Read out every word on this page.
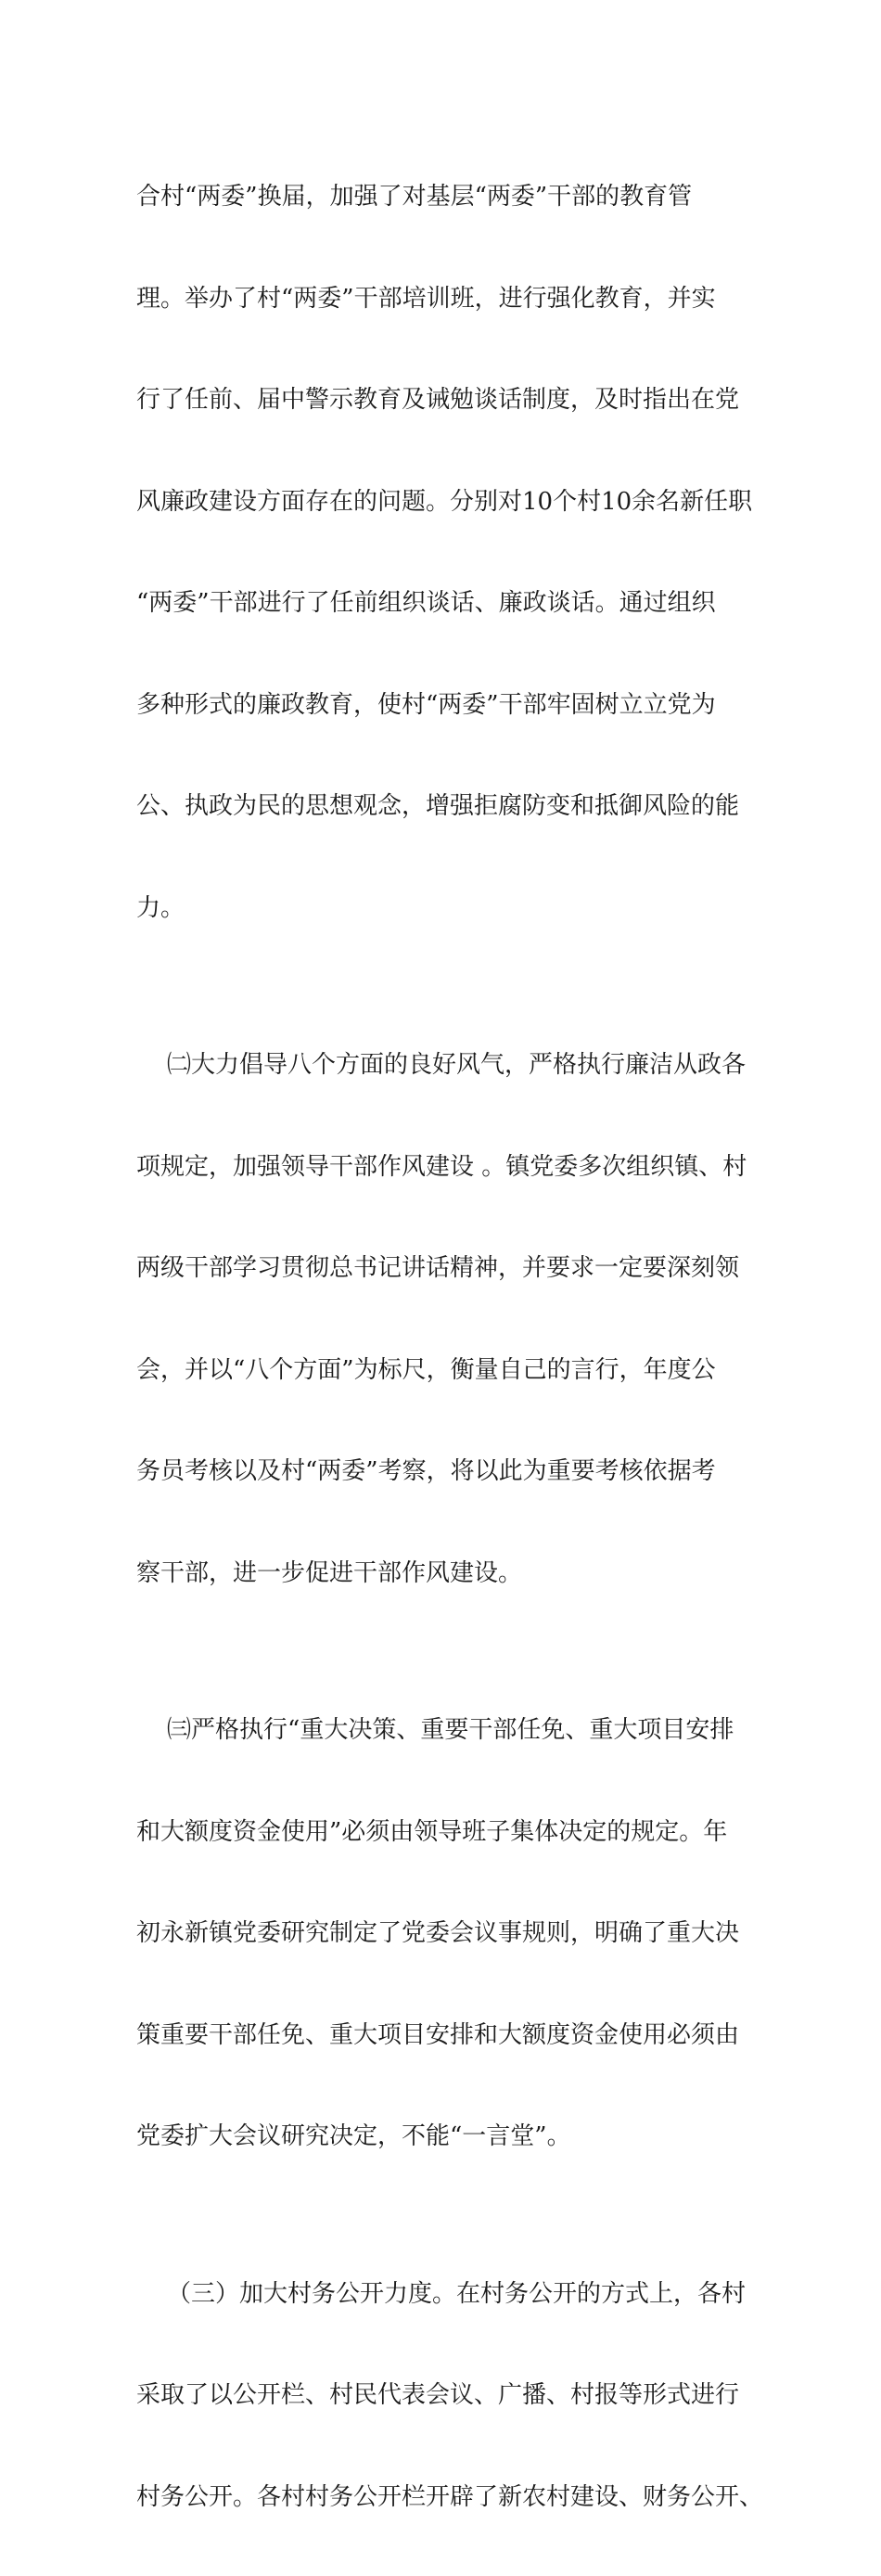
合村“两委”换届，加强了对基层“两委”干部的教育管

理。举办了村“两委”干部培训班，进行强化教育，并实

行了任前、届中警示教育及诫勉谈话制度，及时指出在党

风廉政建设方面存在的问题。分别对10个村10余名新任职

“两委”干部进行了任前组织谈话、廉政谈话。通过组织

多种形式的廉政教育，使村“两委”干部牢固树立立党为

公、执政为民的思想观念，增强拒腐防变和抵御风险的能

力。

㈡大力倡导八个方面的良好风气，严格执行廉洁从政各

项规定，加强领导干部作风建设 。镇党委多次组织镇、村

两级干部学习贯彻总书记讲话精神，并要求一定要深刻领

会，并以“八个方面”为标尺，衡量自己的言行，年度公

务员考核以及村“两委”考察，将以此为重要考核依据考

察干部，进一步促进干部作风建设。

㈢严格执行“重大决策、重要干部任免、重大项目安排

和大额度资金使用”必须由领导班子集体决定的规定。年

初永新镇党委研究制定了党委会议事规则，明确了重大决

策重要干部任免、重大项目安排和大额度资金使用必须由

党委扩大会议研究决定，不能“一言堂”。

（三）加大村务公开力度。在村务公开的方式上，各村

采取了以公开栏、村民代表会议、广播、村报等形式进行

村务公开。各村村务公开栏开辟了新农村建设、财务公开、
